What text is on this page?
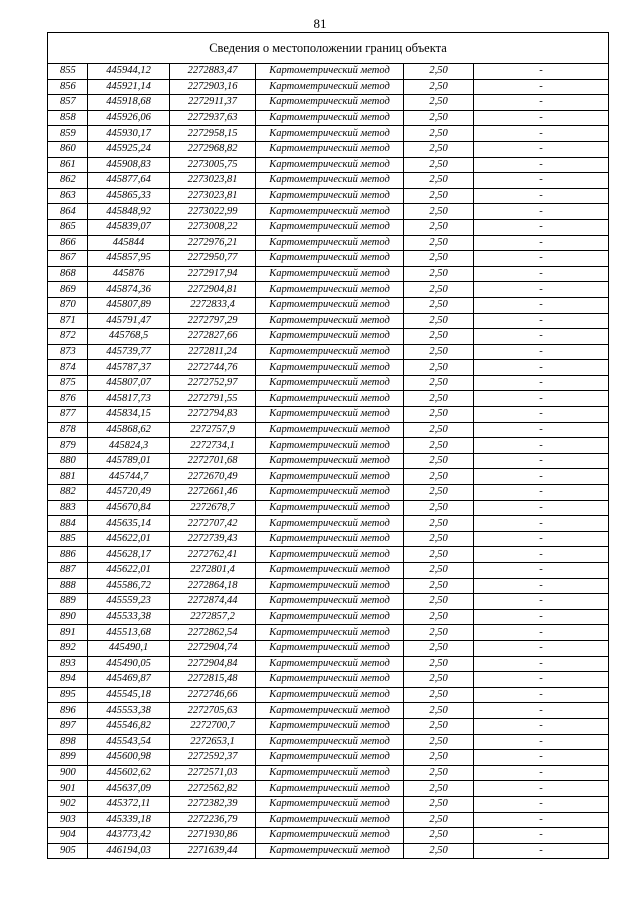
81
Сведения о местоположении границ объекта					
855	445944,12	2272883,47	Картометрический метод	2,50	-
856	445921,14	2272903,16	Картометрический метод	2,50	-
857	445918,68	2272911,37	Картометрический метод	2,50	-
858	445926,06	2272937,63	Картометрический метод	2,50	-
859	445930,17	2272958,15	Картометрический метод	2,50	-
860	445925,24	2272968,82	Картометрический метод	2,50	-
861	445908,83	2273005,75	Картометрический метод	2,50	-
862	445877,64	2273023,81	Картометрический метод	2,50	-
863	445865,33	2273023,81	Картометрический метод	2,50	-
864	445848,92	2273022,99	Картометрический метод	2,50	-
865	445839,07	2273008,22	Картометрический метод	2,50	-
866	445844	2272976,21	Картометрический метод	2,50	-
867	445857,95	2272950,77	Картометрический метод	2,50	-
868	445876	2272917,94	Картометрический метод	2,50	-
869	445874,36	2272904,81	Картометрический метод	2,50	-
870	445807,89	2272833,4	Картометрический метод	2,50	-
871	445791,47	2272797,29	Картометрический метод	2,50	-
872	445768,5	2272827,66	Картометрический метод	2,50	-
873	445739,77	2272811,24	Картометрический метод	2,50	-
874	445787,37	2272744,76	Картометрический метод	2,50	-
875	445807,07	2272752,97	Картометрический метод	2,50	-
876	445817,73	2272791,55	Картометрический метод	2,50	-
877	445834,15	2272794,83	Картометрический метод	2,50	-
878	445868,62	2272757,9	Картометрический метод	2,50	-
879	445824,3	2272734,1	Картометрический метод	2,50	-
880	445789,01	2272701,68	Картометрический метод	2,50	-
881	445744,7	2272670,49	Картометрический метод	2,50	-
882	445720,49	2272661,46	Картометрический метод	2,50	-
883	445670,84	2272678,7	Картометрический метод	2,50	-
884	445635,14	2272707,42	Картометрический метод	2,50	-
885	445622,01	2272739,43	Картометрический метод	2,50	-
886	445628,17	2272762,41	Картометрический метод	2,50	-
887	445622,01	2272801,4	Картометрический метод	2,50	-
888	445586,72	2272864,18	Картометрический метод	2,50	-
889	445559,23	2272874,44	Картометрический метод	2,50	-
890	445533,38	2272857,2	Картометрический метод	2,50	-
891	445513,68	2272862,54	Картометрический метод	2,50	-
892	445490,1	2272904,74	Картометрический метод	2,50	-
893	445490,05	2272904,84	Картометрический метод	2,50	-
894	445469,87	2272815,48	Картометрический метод	2,50	-
895	445545,18	2272746,66	Картометрический метод	2,50	-
896	445553,38	2272705,63	Картометрический метод	2,50	-
897	445546,82	2272700,7	Картометрический метод	2,50	-
898	445543,54	2272653,1	Картометрический метод	2,50	-
899	445600,98	2272592,37	Картометрический метод	2,50	-
900	445602,62	2272571,03	Картометрический метод	2,50	-
901	445637,09	2272562,82	Картометрический метод	2,50	-
902	445372,11	2272382,39	Картометрический метод	2,50	-
903	445339,18	2272236,79	Картометрический метод	2,50	-
904	443773,42	2271930,86	Картометрический метод	2,50	-
905	446194,03	2271639,44	Картометрический метод	2,50	-
